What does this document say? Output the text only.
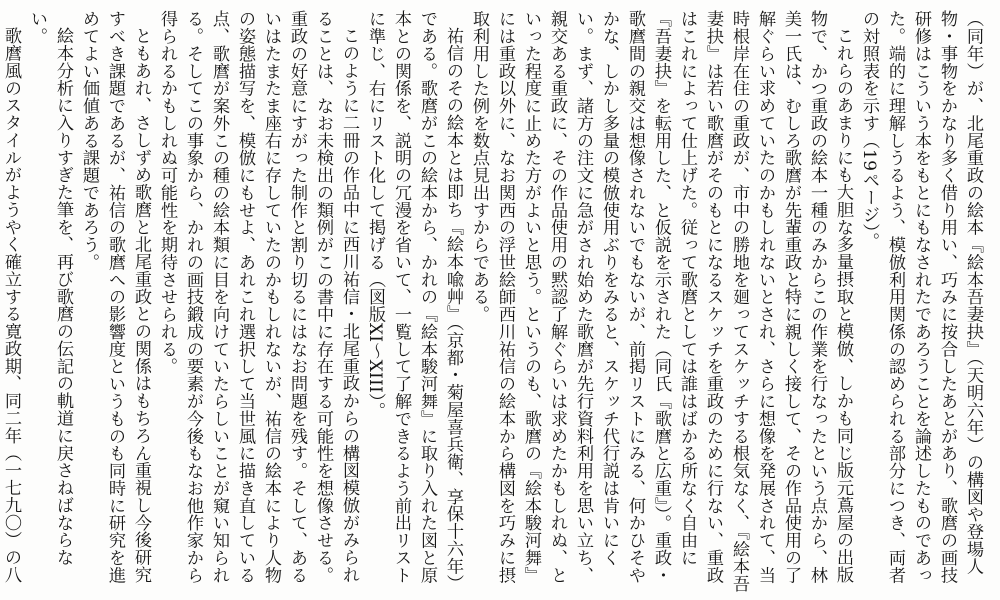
（同年）が、北尾重政の絵本『絵本吾妻抉』（天明六年）の構図や登場人物・事物をかなり多く借り用い、巧みに按合したあとがあり、歌麿の画技研修はこういう本をもとにもなされたであろうことを論述したものであった。端的に理解しうるよう、模倣利用関係の認められる部分につき、両者の対照表を示す（19ページ）。

これらのあまりにも大胆な多量摂取と模倣、しかも同じ版元蔦屋の出版物で、かつ重政の絵本一種のみからこの作業を行なったという点から、林美一氏は、むしろ歌麿が先輩重政と特に親しく接して、その作品使用の了解ぐらい求めていたのかもしれないとされ、さらに想像を発展されて、当時根岸在住の重政が、市中の勝地を廻ってスケッチする根気なく、『絵本吾妻抉』は若い歌麿がそのもとになるスケッチを重政のために行ない、重政はこれによって仕上げた。従って歌麿としては誰はばかる所なく自由に『吾妻抉』を転用した、と仮説を示された（同氏『歌麿と広重』）。重政・歌麿間の親交は想像されないでもないが、前掲リストにみる、何かひそやかな、しかし多量の模倣使用ぶりをみると、スケッチ代行説は肯いにくい。まず、諸方の注文に急がされ始めた歌麿が先行資料利用を思い立ち、親交ある重政に、その作品使用の黙認了解ぐらいは求めたかもしれぬ、といった程度に止めた方がよいと思う。というのも、歌麿の『絵本駿河舞』には重政以外に、なお関西の浮世絵師西川祐信の絵本から構図を巧みに摂取利用した例を数点見出すからである。

祐信のその絵本とは即ち『絵本喩艸』（京都・菊屋喜兵衛、享保十六年）である。歌麿がこの絵本から、かれの『絵本駿河舞』に取り入れた図と原本との関係を、説明の冗漫を省いて、一覧して了解できるよう前出リストに準じ、右にリスト化して掲げる（図版XI〜XIII）。

このように二冊の作品中に西川祐信・北尾重政からの構図模倣がみられることは、なお未検出の類例がこの書中に存在する可能性を想像させる。重政の好意にすがった制作と割り切るにはなお問題を残す。そして、あるいはたまたま座右に存していたのかもしれないが、祐信の絵本により人物の姿態描写を、模倣にもせよ、あれこれ選択して当世風に描き直している点、歌麿が案外この種の絵本類に目を向けていたらしいことが窺い知られる。そしてこの事象から、かれの画技鍛成の要素が今後もなお他作家から得られるかもしれぬ可能性を期待させられる。

ともあれ、さしずめ歌麿と北尾重政との関係はもちろん重視し今後研究すべき課題であるが、祐信の歌麿への影響度というものも同時に研究を進めてよい価値ある課題であろう。

絵本分析に入りすぎた筆を、再び歌麿の伝記の軌道に戻さねばならない。

歌麿風のスタイルがようやく確立する寛政期、同二年（一七九〇）の八
